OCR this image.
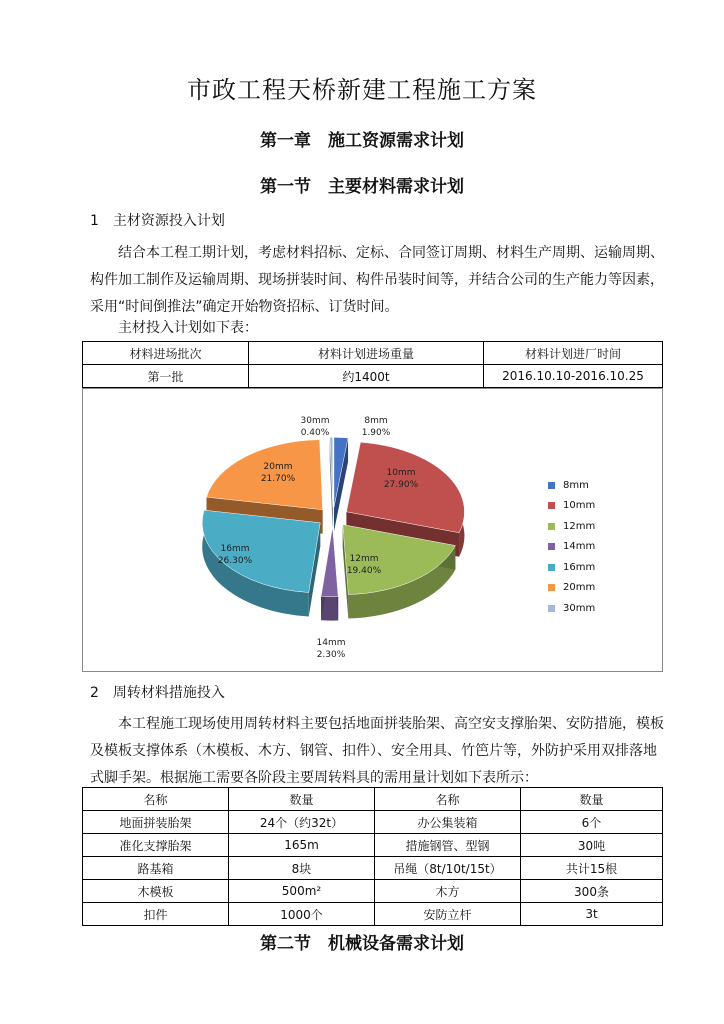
市政工程天桥新建工程施工方案
第一章　施工资源需求计划
第一节　主要材料需求计划
1　主材资源投入计划
结合本工程工期计划，考虑材料招标、定标、合同签订周期、材料生产周期、运输周期、构件加工制作及运输周期、现场拼装时间、构件吊装时间等，并结合公司的生产能力等因素，采用“时间倒推法”确定开始物资招标、订货时间。
主材投入计划如下表：
材料进场批次	材料计划进场重量	材料计划进厂时间
第一批	约1400t	2016.10.10-2016.10.25
8mm
1.90%
10mm
27.90%
12mm
19.40%
14mm
2.30%
16mm
26.30%
20mm
21.70%
30mm
0.40%
8mm
10mm
12mm
14mm
16mm
20mm
30mm
2　周转材料措施投入
本工程施工现场使用周转材料主要包括地面拼装胎架、高空安支撑胎架、安防措施，模板及模板支撑体系（木模板、木方、钢管、扣件）、安全用具、竹笆片等，外防护采用双排落地式脚手架。根据施工需要各阶段主要周转料具的需用量计划如下表所示：
名称	数量	名称	数量
地面拼装胎架	24个（约32t）	办公集装箱	6个
准化支撑胎架	165m	措施钢管、型钢	30吨
路基箱	8块	吊绳（8t/10t/15t）	共计15根
木模板	500m²	木方	300条
扣件	1000个	安防立杆	3t
第二节　机械设备需求计划
